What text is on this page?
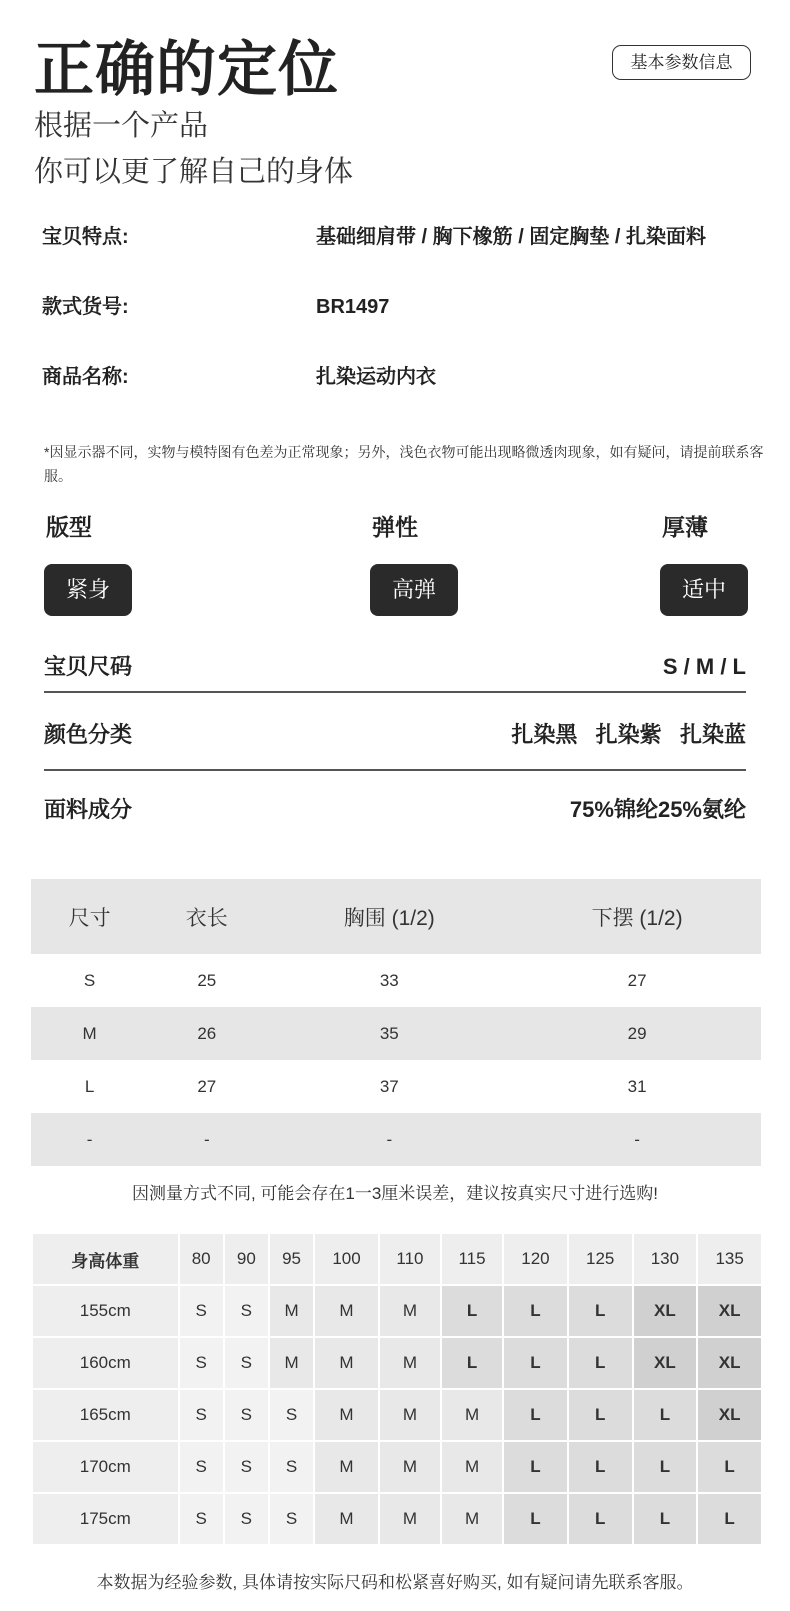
正确的定位
根据一个产品
你可以更了解自己的身体
基本参数信息
宝贝特点:	基础细肩带 / 胸下橡筋 / 固定胸垫 / 扎染面料
款式货号:	BR1497
商品名称:	扎染运动内衣
*因显示器不同，实物与模特图有色差为正常现象；另外，浅色衣物可能出现略微透肉现象，如有疑问，请提前联系客服。
版型
紧身
弹性
高弹
厚薄
适中
宝贝尺码	S / M / L
颜色分类	扎染黑   扎染紫   扎染蓝
面料成分	75%锦纶25%氨纶
尺寸	衣长	胸围 (1/2)	下摆 (1/2)
S	25	33	27
M	26	35	29
L	27	37	31
-	-	-	-
因测量方式不同, 可能会存在1一3厘米误差，建议按真实尺寸进行选购!
身高体重	80	90	95	100	110	115	120	125	130	135
155cm	S	S	M	M	M	L	L	L	XL	XL
160cm	S	S	M	M	M	L	L	L	XL	XL
165cm	S	S	S	M	M	M	L	L	L	XL
170cm	S	S	S	M	M	M	L	L	L	L
175cm	S	S	S	M	M	M	L	L	L	L
本数据为经验参数, 具体请按实际尺码和松紧喜好购买, 如有疑问请先联系客服。
